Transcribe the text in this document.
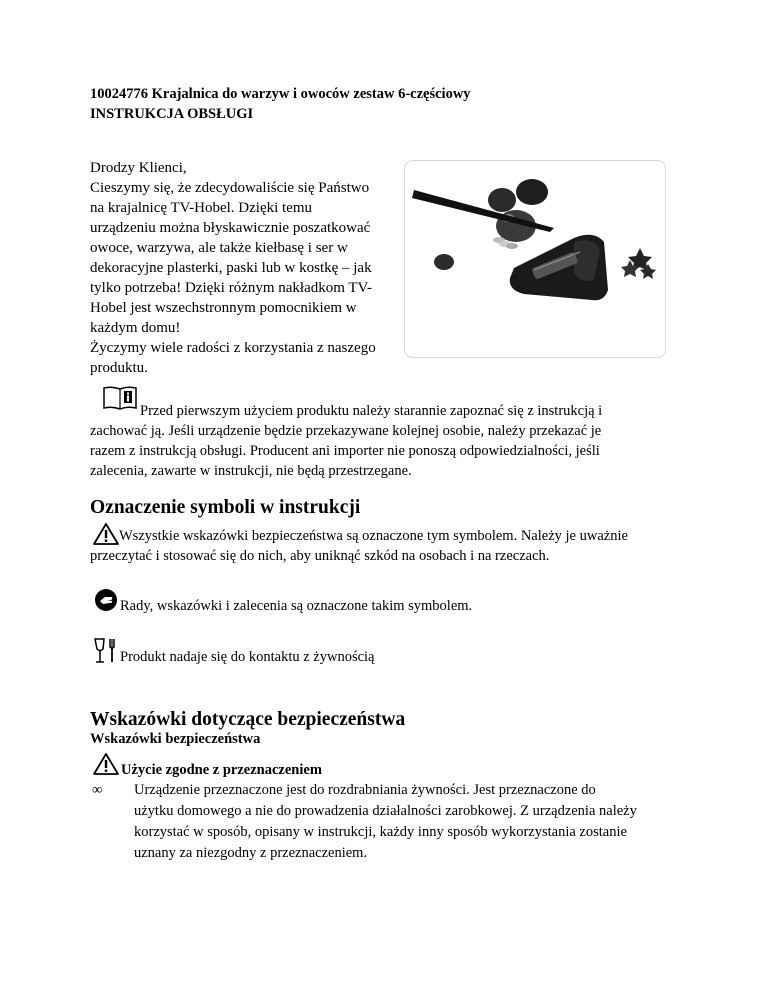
10024776 Krajalnica do warzyw i owoców zestaw 6-częściowy
INSTRUKCJA OBSŁUGI
Drodzy Klienci,
Cieszymy się, że zdecydowaliście się Państwo
na krajalnicę TV-Hobel. Dzięki temu
urządzeniu można błyskawicznie poszatkować
owoce, warzywa, ale także kiełbasę i ser w
dekoracyjne plasterki, paski lub w kostkę – jak
tylko potrzeba! Dzięki różnym nakładkom TV-
Hobel jest wszechstronnym pomocnikiem w
każdym domu!
Życzymy wiele radości z korzystania z naszego
produktu.
Przed pierwszym użyciem produktu należy starannie zapoznać się z instrukcją i
zachować ją. Jeśli urządzenie będzie przekazywane kolejnej osobie, należy przekazać je
razem z instrukcją obsługi. Producent ani importer nie ponoszą odpowiedzialności, jeśli
zalecenia, zawarte w instrukcji, nie będą przestrzegane.
Oznaczenie symboli w instrukcji
Wszystkie wskazówki bezpieczeństwa są oznaczone tym symbolem. Należy je uważnie
przeczytać i stosować się do nich, aby uniknąć szkód na osobach i na rzeczach.
Rady, wskazówki i zalecenia są oznaczone takim symbolem.
Produkt nadaje się do kontaktu z żywnością
Wskazówki dotyczące bezpieczeństwa
Wskazówki bezpieczeństwa
Użycie zgodne z przeznaczeniem
∞ Urządzenie przeznaczone jest do rozdrabniania żywności. Jest przeznaczone do
użytku domowego a nie do prowadzenia działalności zarobkowej. Z urządzenia należy
korzystać w sposób, opisany w instrukcji, każdy inny sposób wykorzystania zostanie
uznany za niezgodny z przeznaczeniem.
